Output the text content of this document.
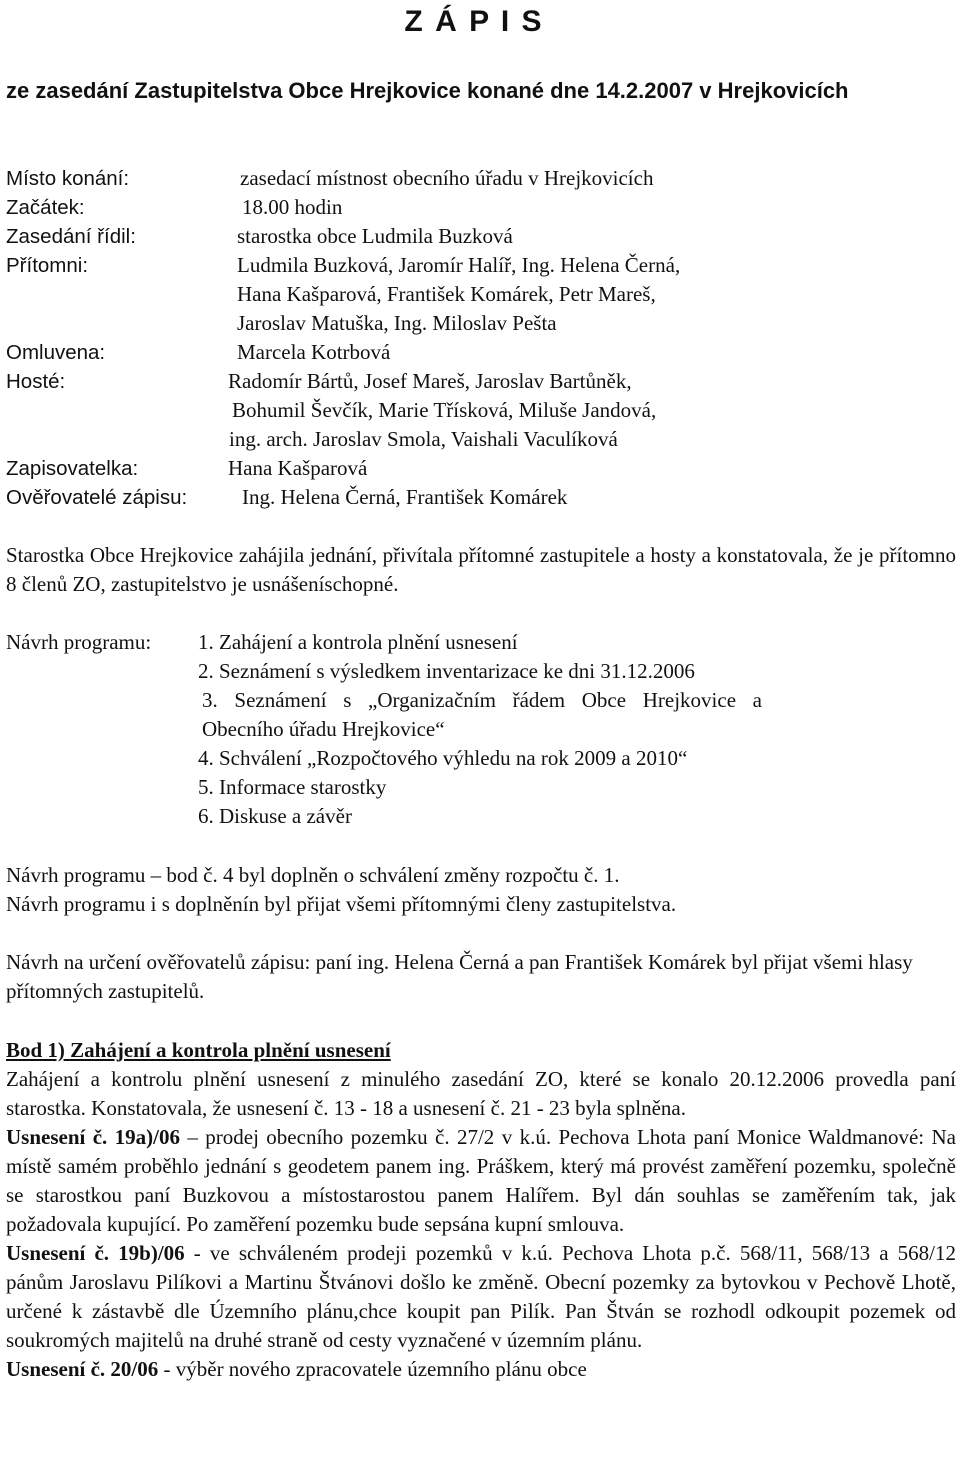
Z Á P I S
ze zasedání Zastupitelstva Obce Hrejkovice konané dne 14.2.2007 v Hrejkovicích
Místo konání:	zasedací místnost obecního úřadu v Hrejkovicích
Začátek:	18.00 hodin
Zasedání řídil:	starostka obce Ludmila Buzková
Přítomni:	Ludmila Buzková, Jaromír Halíř, Ing. Helena Černá,
Hana Kašparová, František Komárek, Petr Mareš,
Jaroslav Matuška, Ing. Miloslav Pešta
Omluvena:	Marcela Kotrbová
Hosté:	Radomír Bártů, Josef Mareš, Jaroslav Bartůněk,
Bohumil Ševčík, Marie Třísková, Miluše Jandová,
ing. arch. Jaroslav Smola, Vaishali Vaculíková
Zapisovatelka:	Hana Kašparová
Ověřovatelé zápisu:	Ing. Helena Černá, František Komárek
Starostka Obce Hrejkovice zahájila jednání, přivítala přítomné zastupitele a hosty a konstatovala, že je přítomno 8 členů ZO, zastupitelstvo je usnášeníschopné.
Návrh programu:	1. Zahájení a kontrola plnění usnesení
2. Seznámení s výsledkem inventarizace ke dni 31.12.2006
3. Seznámení s „Organizačním řádem Obce Hrejkovice a Obecního úřadu Hrejkovice“
4. Schválení „Rozpočtového výhledu na rok 2009 a 2010“
5. Informace starostky
6. Diskuse a závěr
Návrh programu – bod č. 4 byl doplněn o schválení změny rozpočtu č. 1.
Návrh programu i s doplněnín byl přijat všemi přítomnými členy zastupitelstva.
Návrh na určení ověřovatelů zápisu: paní ing. Helena Černá a pan František Komárek byl přijat všemi hlasy přítomných zastupitelů.
Bod 1) Zahájení a kontrola plnění usnesení
Zahájení a kontrolu plnění usnesení z minulého zasedání ZO, které se konalo 20.12.2006 provedla paní starostka. Konstatovala, že usnesení č. 13 - 18 a usnesení č. 21 - 23 byla splněna.
Usnesení č. 19a)/06 – prodej obecního pozemku č. 27/2 v k.ú. Pechova Lhota paní Monice Waldmanové: Na místě samém proběhlo jednání s geodetem panem ing. Práškem, který má provést zaměření pozemku, společně se starostkou paní Buzkovou a místostarostou panem Halířem. Byl dán souhlas se zaměřením tak, jak požadovala kupující. Po zaměření pozemku bude sepsána kupní smlouva.
Usnesení č. 19b)/06 - ve schváleném prodeji pozemků v k.ú. Pechova Lhota p.č. 568/11, 568/13 a 568/12 pánům Jaroslavu Pilíkovi a Martinu Štvánovi došlo ke změně. Obecní pozemky za bytovkou v Pechově Lhotě, určené k zástavbě dle Územního plánu,chce koupit pan Pilík. Pan Štván se rozhodl odkoupit pozemek od soukromých majitelů na druhé straně od cesty vyznačené v územním plánu.
Usnesení č. 20/06 - výběr nového zpracovatele územního plánu obce
